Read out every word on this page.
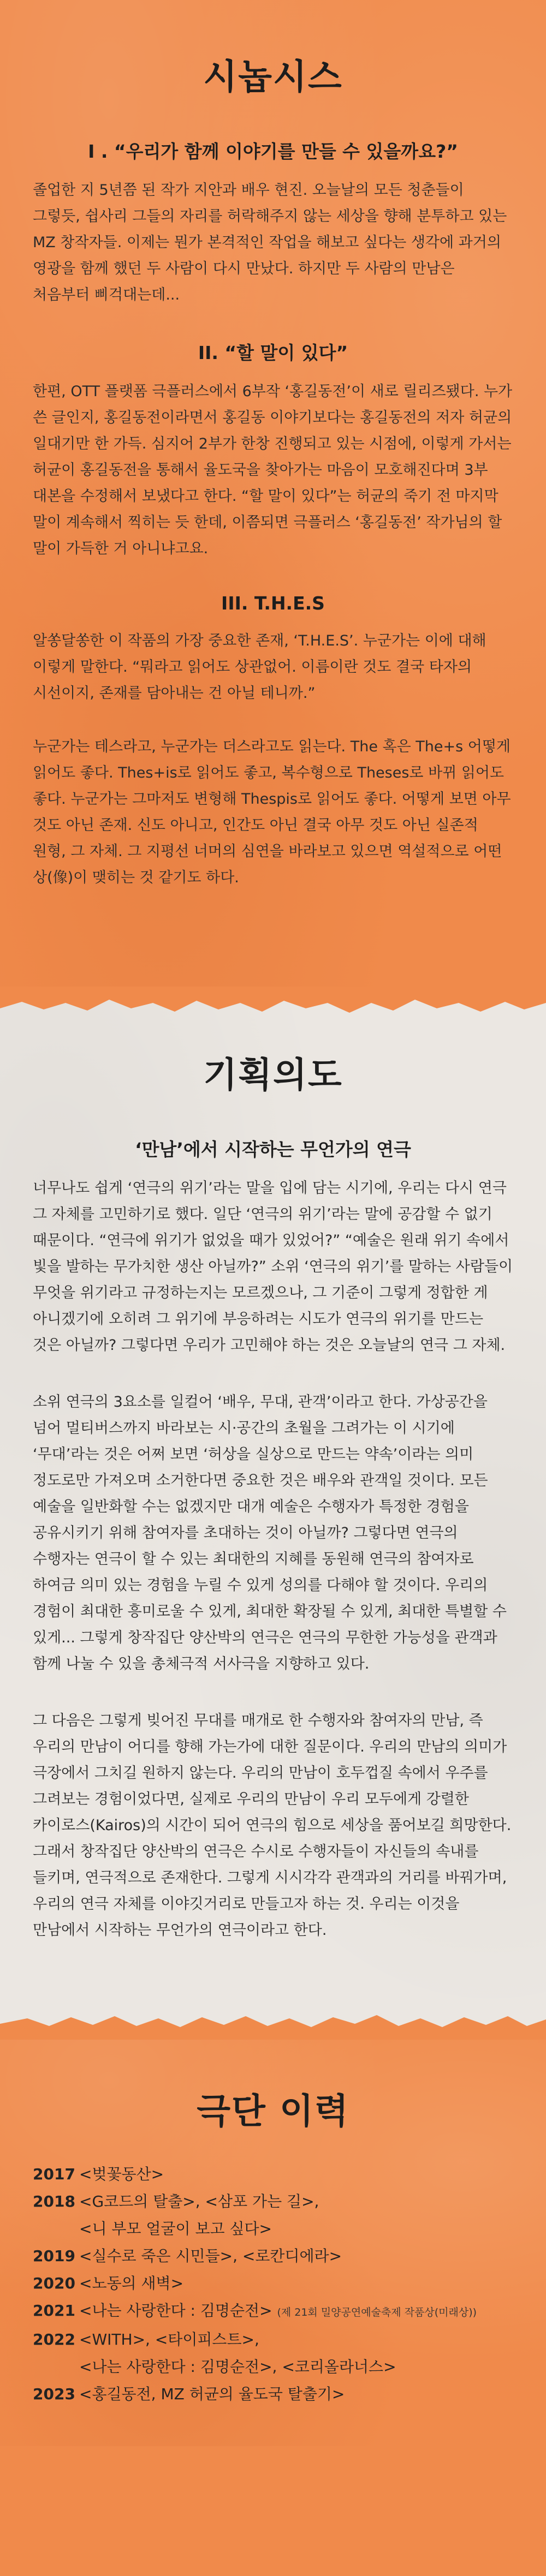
시놉시스
I . “우리가 함께 이야기를 만들 수 있을까요?”

졸업한 지 5년쯤 된 작가 지안과 배우 현진. 오늘날의 모든 청춘들이 그렇듯, 쉽사리 그들의 자리를 허락해주지 않는 세상을 향해 분투하고 있는 MZ 창작자들. 이제는 뭔가 본격적인 작업을 해보고 싶다는 생각에 과거의 영광을 함께 했던 두 사람이 다시 만났다. 하지만 두 사람의 만남은 처음부터 삐걱대는데...

II. “할 말이 있다”

한편, OTT 플랫폼 극플러스에서 6부작 ‘홍길동전’이 새로 릴리즈됐다. 누가 쓴 글인지, 홍길동전이라면서 홍길동 이야기보다는 홍길동전의 저자 허균의 일대기만 한 가득. 심지어 2부가 한창 진행되고 있는 시점에, 이렇게 가서는 허균이 홍길동전을 통해서 율도국을 찾아가는 마음이 모호해진다며 3부 대본을 수정해서 보냈다고 한다. “할 말이 있다”는 허균의 죽기 전 마지막 말이 계속해서 찍히는 듯 한데, 이쯤되면 극플러스 ‘홍길동전’ 작가님의 할 말이 가득한 거 아니냐고요.

III. T.H.E.S

알쏭달쏭한 이 작품의 가장 중요한 존재, ‘T.H.E.S’. 누군가는 이에 대해 이렇게 말한다. “뭐라고 읽어도 상관없어. 이름이란 것도 결국 타자의 시선이지, 존재를 담아내는 건 아닐 테니까.”

누군가는 테스라고, 누군가는 더스라고도 읽는다. The 혹은 The+s 어떻게 읽어도 좋다. Thes+is로 읽어도 좋고, 복수형으로 Theses로 바뀌 읽어도 좋다. 누군가는 그마저도 변형해 Thespis로 읽어도 좋다. 어떻게 보면 아무 것도 아닌 존재. 신도 아니고, 인간도 아닌 결국 아무 것도 아닌 실존적 원형, 그 자체. 그 지평선 너머의 심연을 바라보고 있으면 역설적으로 어떤 상(像)이 맺히는 것 같기도 하다.

기획의도
‘만남’에서 시작하는 무언가의 연극

너무나도 쉽게 ‘연극의 위기’라는 말을 입에 담는 시기에, 우리는 다시 연극 그 자체를 고민하기로 했다. 일단 ‘연극의 위기’라는 말에 공감할 수 없기 때문이다. “연극에 위기가 없었을 때가 있었어?” “예술은 원래 위기 속에서 빛을 발하는 무가치한 생산 아닐까?” 소위 ‘연극의 위기’를 말하는 사람들이 무엇을 위기라고 규정하는지는 모르겠으나, 그 기준이 그렇게 정합한 게 아니겠기에 오히려 그 위기에 부응하려는 시도가 연극의 위기를 만드는 것은 아닐까? 그렇다면 우리가 고민해야 하는 것은 오늘날의 연극 그 자체.

소위 연극의 3요소를 일컬어 ‘배우, 무대, 관객’이라고 한다. 가상공간을 넘어 멀티버스까지 바라보는 시·공간의 초월을 그려가는 이 시기에 ‘무대’라는 것은 어쩌 보면 ‘허상을 실상으로 만드는 약속’이라는 의미 정도로만 가져오며 소거한다면 중요한 것은 배우와 관객일 것이다. 모든 예술을 일반화할 수는 없겠지만 대개 예술은 수행자가 특정한 경험을 공유시키기 위해 참여자를 초대하는 것이 아닐까? 그렇다면 연극의 수행자는 연극이 할 수 있는 최대한의 지혜를 동원해 연극의 참여자로 하여금 의미 있는 경험을 누릴 수 있게 성의를 다해야 할 것이다. 우리의 경험이 최대한 흥미로울 수 있게, 최대한 확장될 수 있게, 최대한 특별할 수 있게... 그렇게 창작집단 양산박의 연극은 연극의 무한한 가능성을 관객과 함께 나눌 수 있을 총체극적 서사극을 지향하고 있다.

그 다음은 그렇게 빚어진 무대를 매개로 한 수행자와 참여자의 만남, 즉 우리의 만남이 어디를 향해 가는가에 대한 질문이다. 우리의 만남의 의미가 극장에서 그치길 원하지 않는다. 우리의 만남이 호두껍질 속에서 우주를 그려보는 경험이었다면, 실제로 우리의 만남이 우리 모두에게 강렬한 카이로스(Kairos)의 시간이 되어 연극의 힘으로 세상을 품어보길 희망한다. 그래서 창작집단 양산박의 연극은 수시로 수행자들이 자신들의 속내를 들키며, 연극적으로 존재한다. 그렇게 시시각각 관객과의 거리를 바꿔가며, 우리의 연극 자체를 이야깃거리로 만들고자 하는 것. 우리는 이것을 만남에서 시작하는 무언가의 연극이라고 한다.

극단 이력
2017 <벚꽃동산>
2018 <G코드의 탈출>, <삼포 가는 길>,
<니 부모 얼굴이 보고 싶다>
2019 <실수로 죽은 시민들>, <로칸디에라>
2020 <노동의 새벽>
2021 <나는 사랑한다 : 김명순전> (제 21회 밀양공연예술축제 작품상(미래상))
2022 <WITH>, <타이피스트>,
<나는 사랑한다 : 김명순전>, <코리올라너스>
2023 <홍길동전, MZ 허균의 율도국 탈출기>
